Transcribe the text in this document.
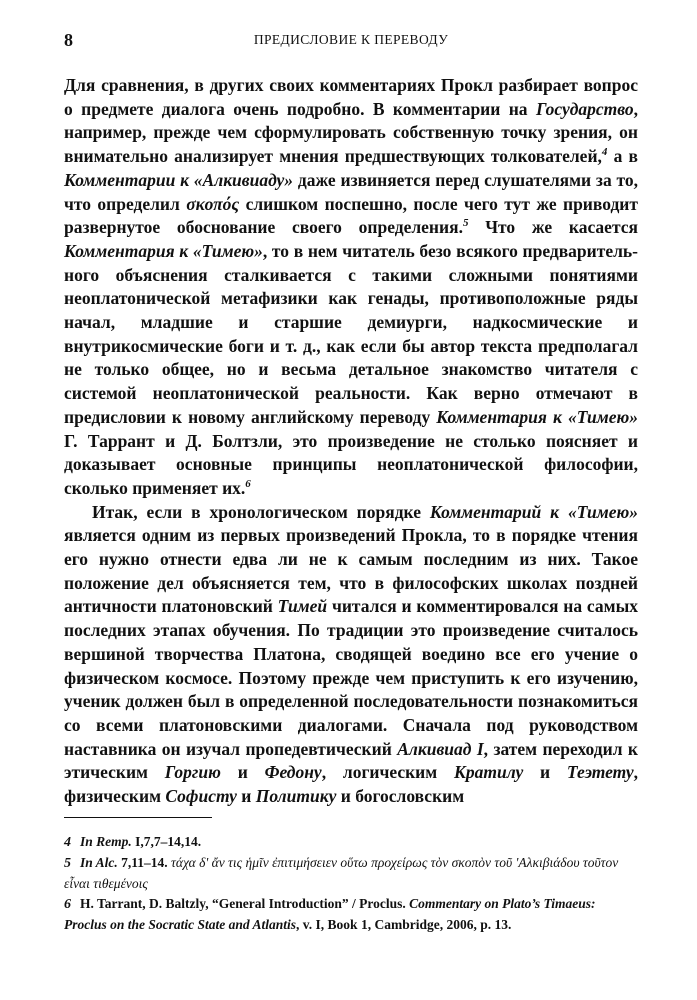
8	ПРЕДИСЛОВИЕ К ПЕРЕВОДУ

Для сравнения, в других своих комментариях Прокл разбирает вопрос о предмете диалога очень подробно. В комментарии на Государство, например, прежде чем сформулировать собственную точку зрения, он внимательно анализирует мнения предшествующих толкователей,$^4$ а в Комментарии к «Алкивиаду» даже извиняется перед слушателями за то, что определил σκοπός слишком поспешно, после чего тут же приводит развернутое обоснование своего определения.$^5$ Что же касается Комментария к «Тимею», то в нем читатель безо всякого предварительного объяснения сталкивается с такими сложными понятиями неоплатонической метафизики как генады, противоположные ряды начал, младшие и старшие демиурги, надкосмические и внутрикосмические боги и т. д., как если бы автор текста предполагал не только общее, но и весьма детальное знакомство читателя с системой неоплатонической реальности. Как верно отмечают в предисловии к новому английскому переводу Комментария к «Тимею» Г. Таррант и Д. Болтзли, это произведение не столько поясняет и доказывает основные принципы неоплатонической философии, сколько применяет их.$^6$

Итак, если в хронологическом порядке Комментарий к «Тимею» является одним из первых произведений Прокла, то в порядке чтения его нужно отнести едва ли не к самым последним из них. Такое положение дел объясняется тем, что в философских школах поздней античности платоновский Тимей читался и комментировался на самых последних этапах обучения. По традиции это произведение считалось вершиной творчества Платона, сводящей воедино все его учение о физическом космосе. Поэтому прежде чем приступить к его изучению, ученик должен был в определенной последовательности познакомиться со всеми платоновскими диалогами. Сначала под руководством наставника он изучал пропедевтический Алкивиад I, затем переходил к этическим Горгию и Федону, логическим Кратилу и Теэтету, физическим Софисту и Политику и богословским

4 In Remp. I,7,7–14,14.

5 In Alc. 7,11–14. τάχα δ' ἄν τις ἡμῖν ἐπιτιμήσειεν οὕτω προχείρως τὸν σκοπὸν τοῦ 'Αλκιβιάδου τοῦτον εἶναι τιθεμένοις

6 H. Tarrant, D. Baltzly, “General Introduction” / Proclus. Commentary on Plato’s Timaeus: Proclus on the Socratic State and Atlantis, v. I, Book 1, Cambridge, 2006, p. 13.
